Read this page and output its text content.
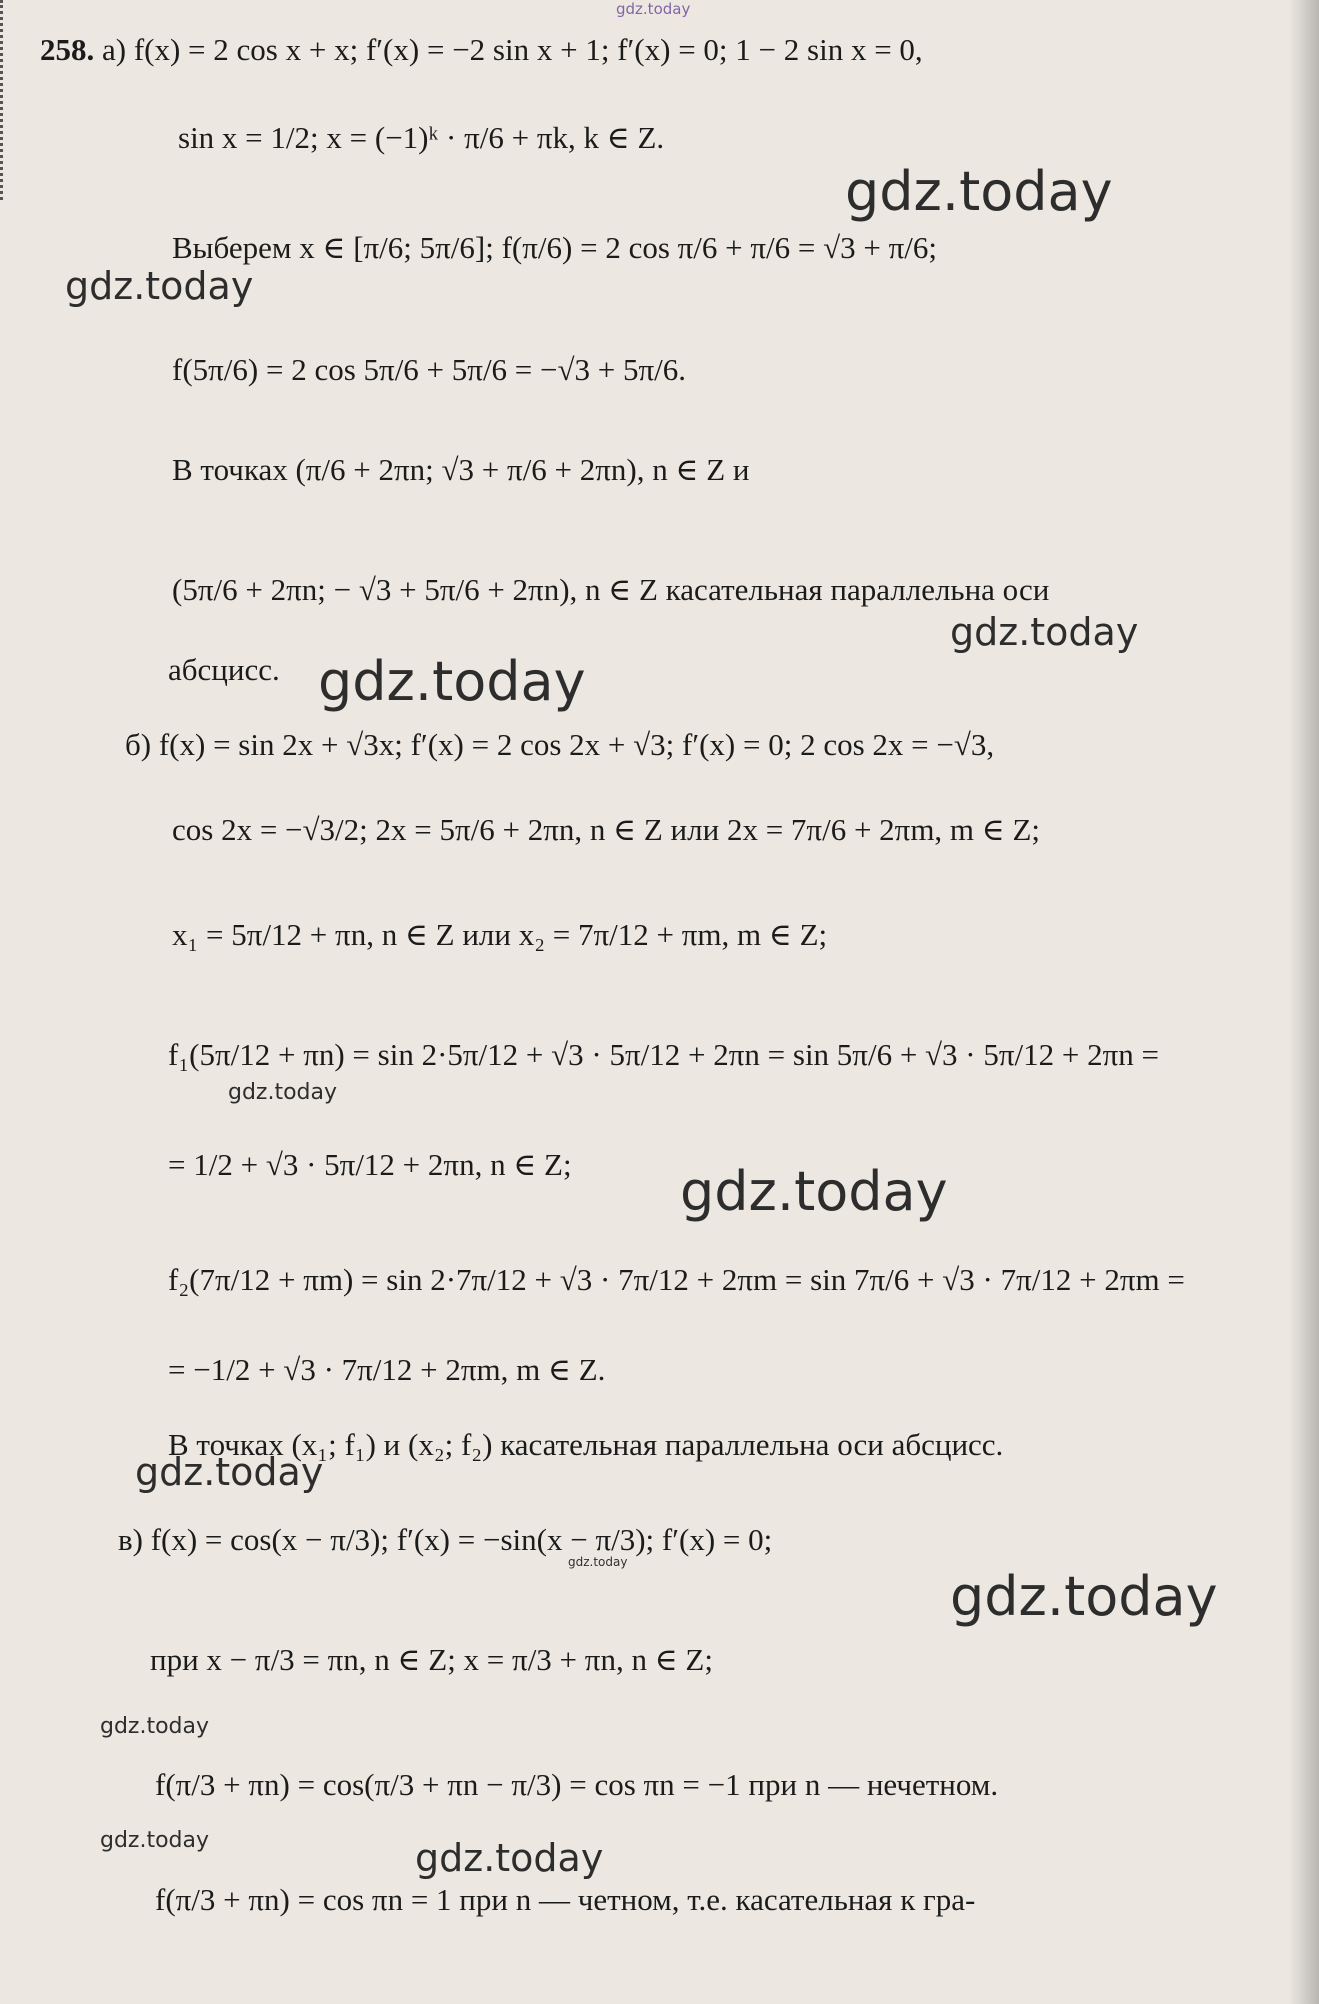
gdz.today
258. а) f(x) = 2 cos x + x; f′(x) = −2 sin x + 1; f′(x) = 0; 1 − 2 sin x = 0,
sin x = 1/2; x = (−1)ᵏ · π/6 + πk, k ∈ Z.
Выберем x ∈ [π/6; 5π/6]; f(π/6) = 2 cos π/6 + π/6 = √3 + π/6;
f(5π/6) = 2 cos 5π/6 + 5π/6 = −√3 + 5π/6.
В точках (π/6 + 2πn; √3 + π/6 + 2πn), n ∈ Z и
(5π/6 + 2πn; − √3 + 5π/6 + 2πn), n ∈ Z касательная параллельна оси
абсцисс.
б) f(x) = sin 2x + √3x; f′(x) = 2 cos 2x + √3; f′(x) = 0; 2 cos 2x = −√3,
cos 2x = −√3/2; 2x = 5π/6 + 2πn, n ∈ Z или 2x = 7π/6 + 2πm, m ∈ Z;
x₁ = 5π/12 + πn, n ∈ Z или x₂ = 7π/12 + πm, m ∈ Z;
f₁(5π/12 + πn) = sin 2·5π/12 + √3 · 5π/12 + 2πn = sin 5π/6 + √3 · 5π/12 + 2πn =
= 1/2 + √3 · 5π/12 + 2πn, n ∈ Z;
f₂(7π/12 + πm) = sin 2·7π/12 + √3 · 7π/12 + 2πm = sin 7π/6 + √3 · 7π/12 + 2πm =
= −1/2 + √3 · 7π/12 + 2πm, m ∈ Z.
В точках (x₁; f₁) и (x₂; f₂) касательная параллельна оси абсцисс.
в) f(x) = cos(x − π/3); f′(x) = −sin(x − π/3); f′(x) = 0;
при x − π/3 = πn, n ∈ Z; x = π/3 + πn, n ∈ Z;
f(π/3 + πn) = cos(π/3 + πn − π/3) = cos πn = −1 при n — нечетном.
f(π/3 + πn) = cos πn = 1 при n — четном, т.е. касательная к гра-
gdz.today
gdz.today
gdz.today
gdz.today
gdz.today
gdz.today
gdz.today
gdz.today
gdz.today
gdz.today
gdz.today	gdz.today
